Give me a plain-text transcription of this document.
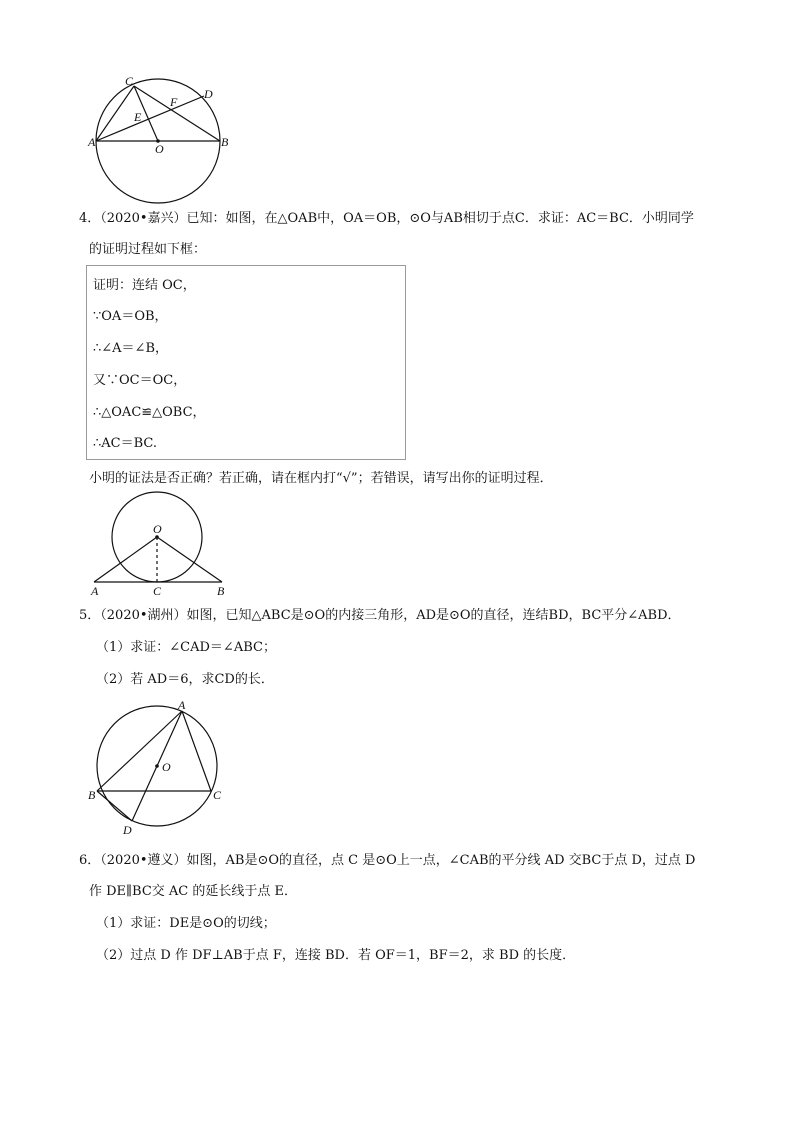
A	B
C
D
E
F
O
4．（2020•嘉兴）已知：如图，在△OAB中，OA＝OB，⊙O与AB相切于点C．求证：AC＝BC．小明同学
的证明过程如下框：
证明：连结 OC，
∵OA＝OB，
∴∠A＝∠B，
又∵OC＝OC，
∴△OAC≌△OBC，
∴AC＝BC.
小明的证法是否正确？若正确，请在框内打“√”；若错误，请写出你的证明过程．
O
A	B
C
5．（2020•湖州）如图，已知△ABC是⊙O的内接三角形，AD是⊙O的直径，连结BD，BC平分∠ABD．
（1）求证：∠CAD＝∠ABC；
（2）若 AD＝6，求CD的长．
A
B	C
D
O
6．（2020•遵义）如图，AB是⊙O的直径，点 C 是⊙O上一点，∠CAB的平分线 AD 交BC于点 D，过点 D
作 DE∥BC交 AC 的延长线于点 E．
（1）求证：DE是⊙O的切线；
（2）过点 D 作 DF⊥AB于点 F，连接 BD．若 OF＝1，BF＝2，求 BD 的长度．
